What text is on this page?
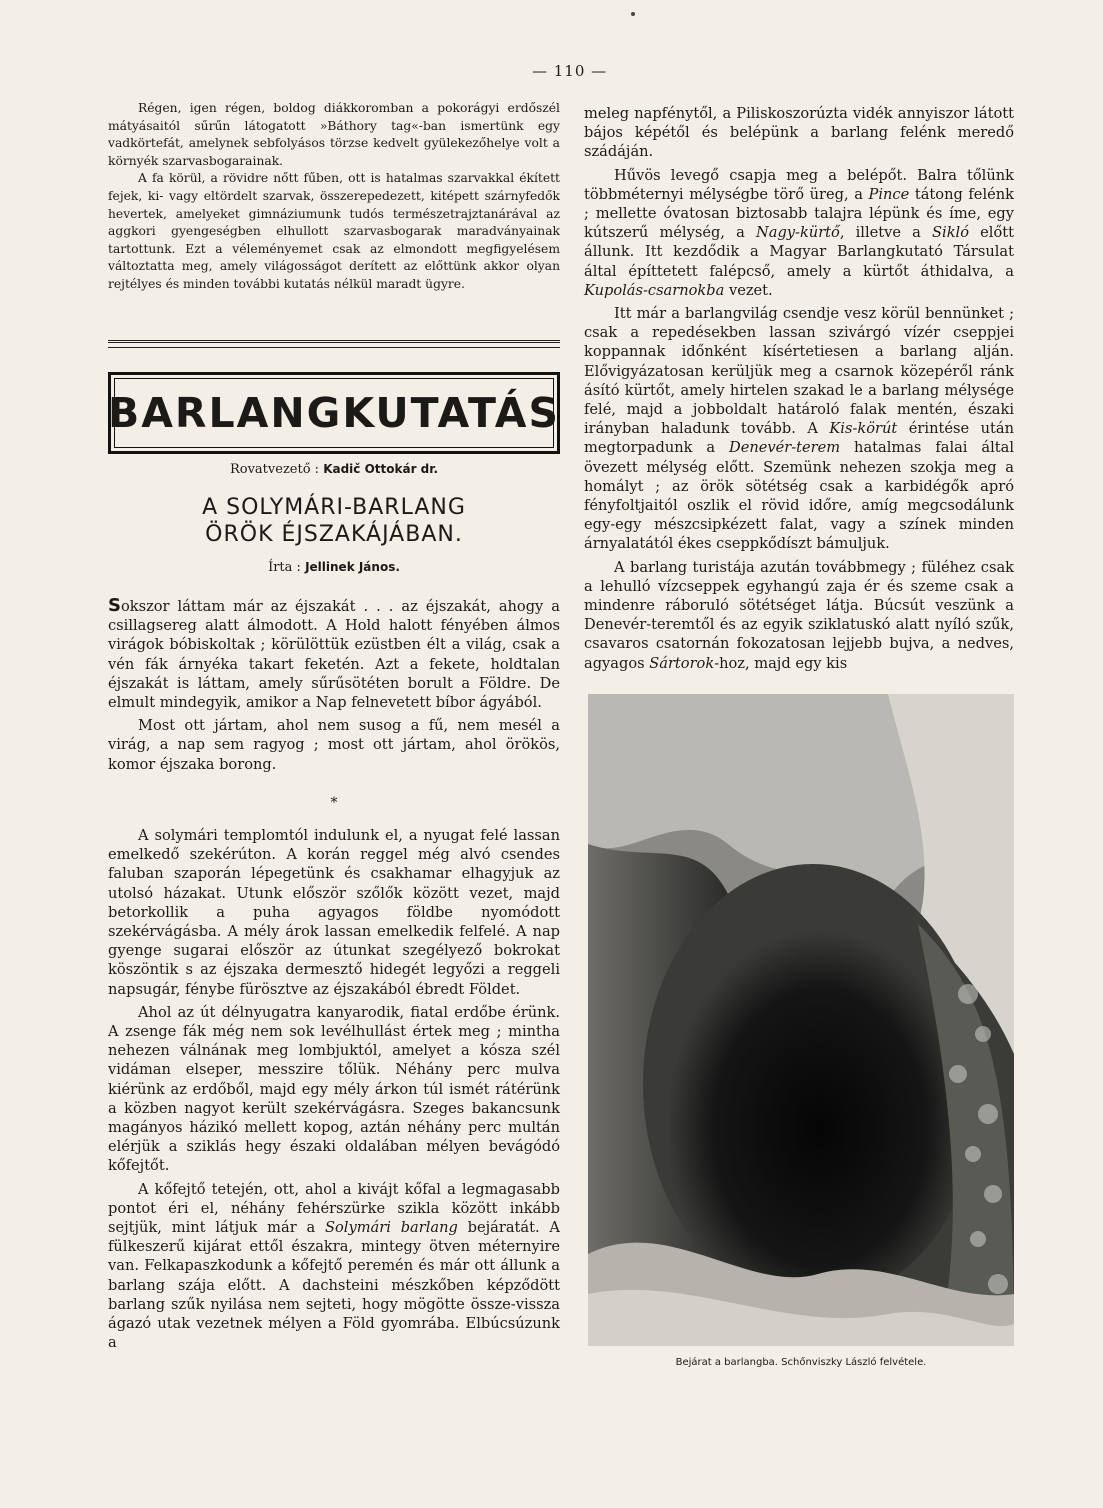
— 110 —

Régen, igen régen, boldog diákkoromban a pokorágyi erdőszél mátyásaitól sűrűn látogatott »Báthory tag«-ban ismertünk egy vadkörtefát, amelynek sebfolyásos törzse kedvelt gyülekezőhelye volt a környék szarvasbogarainak.

A fa körül, a rövidre nőtt fűben, ott is hatalmas szarvakkal ékített fejek, ki- vagy eltördelt szarvak, összerepedezett, kitépett szárnyfedők hevertek, amelyeket gimnáziumunk tudós természetrajztanárával az aggkori gyengeségben elhullott szarvasbogarak maradványainak tartottunk. Ezt a véleményemet csak az elmondott megfigyelésem változtatta meg, amely világosságot derített az előttünk akkor olyan rejtélyes és minden további kutatás nélkül maradt ügyre.

BARLANGKUTATÁS
Rovatvezető : Kadič Ottokár dr.
A SOLYMÁRI-BARLANG
ÖRÖK ÉJSZAKÁJÁBAN.
Írta : Jellinek János.

Sokszor láttam már az éjszakát . . . az éjszakát, ahogy a csillagsereg alatt álmodott. A Hold halott fényében álmos virágok bóbiskoltak ; körülöttük ezüstben élt a világ, csak a vén fák árnyéka takart feketén. Azt a fekete, holdtalan éjszakát is láttam, amely sűrűsötéten borult a Földre. De elmult mindegyik, amikor a Nap felnevetett bíbor ágyából.

Most ott jártam, ahol nem susog a fű, nem mesél a virág, a nap sem ragyog ; most ott jártam, ahol örökös, komor éjszaka borong.

*

A solymári templomtól indulunk el, a nyugat felé lassan emelkedő szekérúton. A korán reggel még alvó csendes faluban szaporán lépegetünk és csakhamar elhagyjuk az utolsó házakat. Utunk először szőlők között vezet, majd betorkollik a puha agyagos földbe nyomódott szekérvágásba. A mély árok lassan emelkedik felfelé. A nap gyenge sugarai először az útunkat szegélyező bokrokat köszöntik s az éjszaka dermesztő hidegét legyőzi a reggeli napsugár, fénybe fürösztve az éjszakából ébredt Földet.

Ahol az út délnyugatra kanyarodik, fiatal erdőbe érünk. A zsenge fák még nem sok levélhullást értek meg ; mintha nehezen válnának meg lombjuktól, amelyet a kósza szél vidáman elseper, messzire tőlük. Néhány perc mulva kiérünk az erdőből, majd egy mély árkon túl ismét rátérünk a közben nagyot került szekérvágásra. Szeges bakancsunk magányos házikó mellett kopog, aztán néhány perc multán elérjük a sziklás hegy északi oldalában mélyen bevágódó kőfejtőt.

A kőfejtő tetején, ott, ahol a kivájt kőfal a legmagasabb pontot éri el, néhány fehérszürke szikla között inkább sejtjük, mint látjuk már a Solymári barlang bejáratát. A fülkeszerű kijárat ettől északra, mintegy ötven méternyire van. Felkapaszkodunk a kőfejtő peremén és már ott állunk a barlang szája előtt. A dachsteini mészkőben képződött barlang szűk nyilása nem sejteti, hogy mögötte össze-vissza ágazó utak vezetnek mélyen a Föld gyomrába. Elbúcsúzunk a

meleg napfénytől, a Piliskoszorúzta vidék annyiszor látott bájos képétől és belépünk a barlang felénk meredő szádáján.

Hűvös levegő csapja meg a belépőt. Balra tőlünk többméternyi mélységbe törő üreg, a Pince tátong felénk ; mellette óvatosan biztosabb talajra lépünk és íme, egy kútszerű mélység, a Nagy-kürtő, illetve a Sikló előtt állunk. Itt kezdődik a Magyar Barlangkutató Társulat által építtetett falépcső, amely a kürtőt áthidalva, a Kupolás-csarnokba vezet.

Itt már a barlangvilág csendje vesz körül bennünket ; csak a repedésekben lassan szivárgó vízér cseppjei koppannak időnként kísértetiesen a barlang alján. Elővigyázatosan kerüljük meg a csarnok közepéről ránk ásító kürtőt, amely hirtelen szakad le a barlang mélysége felé, majd a jobboldalt határoló falak mentén, északi irányban haladunk tovább. A Kis-körút érintése után megtorpadunk a Denevér-terem hatalmas falai által övezett mélység előtt. Szemünk nehezen szokja meg a homályt ; az örök sötétség csak a karbidégők apró fényfoltjaitól oszlik el rövid időre, amíg megcsodálunk egy-egy mészcsipkézett falat, vagy a színek minden árnyalatától ékes cseppkődíszt bámuljuk.

A barlang turistája azután továbbmegy ; füléhez csak a lehulló vízcseppek egyhangú zaja ér és szeme csak a mindenre ráboruló sötétséget látja. Búcsút veszünk a Denevér-teremtől és az egyik sziklatuskó alatt nyíló szűk, csavaros csatornán fokozatosan lejjebb bujva, a nedves, agyagos Sártorok-hoz, majd egy kis

Bejárat a barlangba. Schőnviszky László felvétele.
